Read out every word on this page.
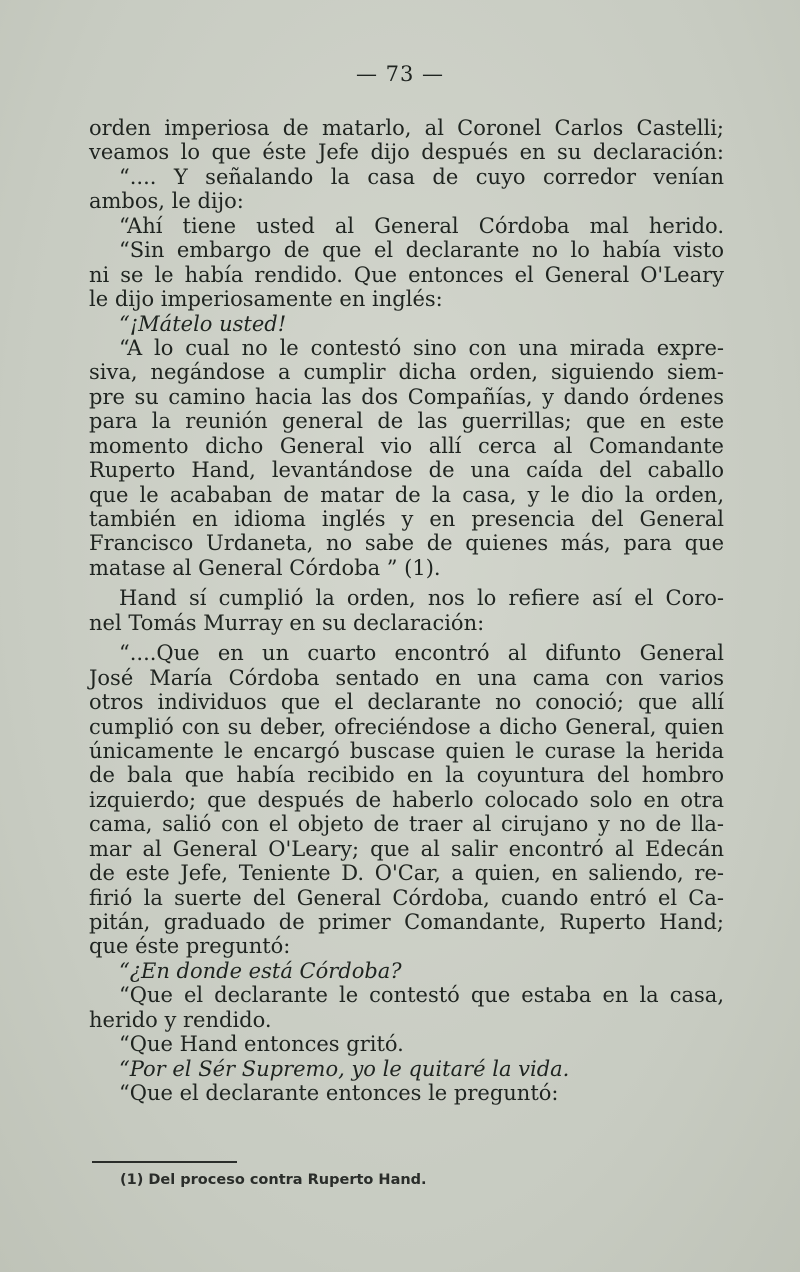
— 73 —
orden imperiosa de matarlo, al Coronel Carlos Castelli;
veamos lo que éste Jefe dijo después en su declaración:
“.... Y señalando la casa de cuyo corredor venían
ambos, le dijo:
“Ahí tiene usted al General Córdoba mal herido.
“Sin embargo de que el declarante no lo había visto
ni se le había rendido. Que entonces el General O'Leary
le dijo imperiosamente en inglés:
“¡Mátelo usted!
“A lo cual no le contestó sino con una mirada expre-
siva, negándose a cumplir dicha orden, siguiendo siem-
pre su camino hacia las dos Compañías, y dando órdenes
para la reunión general de las guerrillas; que en este
momento dicho General vio allí cerca al Comandante
Ruperto Hand, levantándose de una caída del caballo
que le acababan de matar de la casa, y le dio la orden,
también en idioma inglés y en presencia del General
Francisco Urdaneta, no sabe de quienes más, para que
matase al General Córdoba ” (1).
Hand sí cumplió la orden, nos lo refiere así el Coro-
nel Tomás Murray en su declaración:
“....Que en un cuarto encontró al difunto General
José María Córdoba sentado en una cama con varios
otros individuos que el declarante no conoció; que allí
cumplió con su deber, ofreciéndose a dicho General, quien
únicamente le encargó buscase quien le curase la herida
de bala que había recibido en la coyuntura del hombro
izquierdo; que después de haberlo colocado solo en otra
cama, salió con el objeto de traer al cirujano y no de lla-
mar al General O'Leary; que al salir encontró al Edecán
de este Jefe, Teniente D. O'Car, a quien, en saliendo, re-
firió la suerte del General Córdoba, cuando entró el Ca-
pitán, graduado de primer Comandante, Ruperto Hand;
que éste preguntó:
“¿En donde está Córdoba?
“Que el declarante le contestó que estaba en la casa,
herido y rendido.
“Que Hand entonces gritó.
“Por el Sér Supremo, yo le quitaré la vida.
“Que el declarante entonces le preguntó:
(1) Del proceso contra Ruperto Hand.
